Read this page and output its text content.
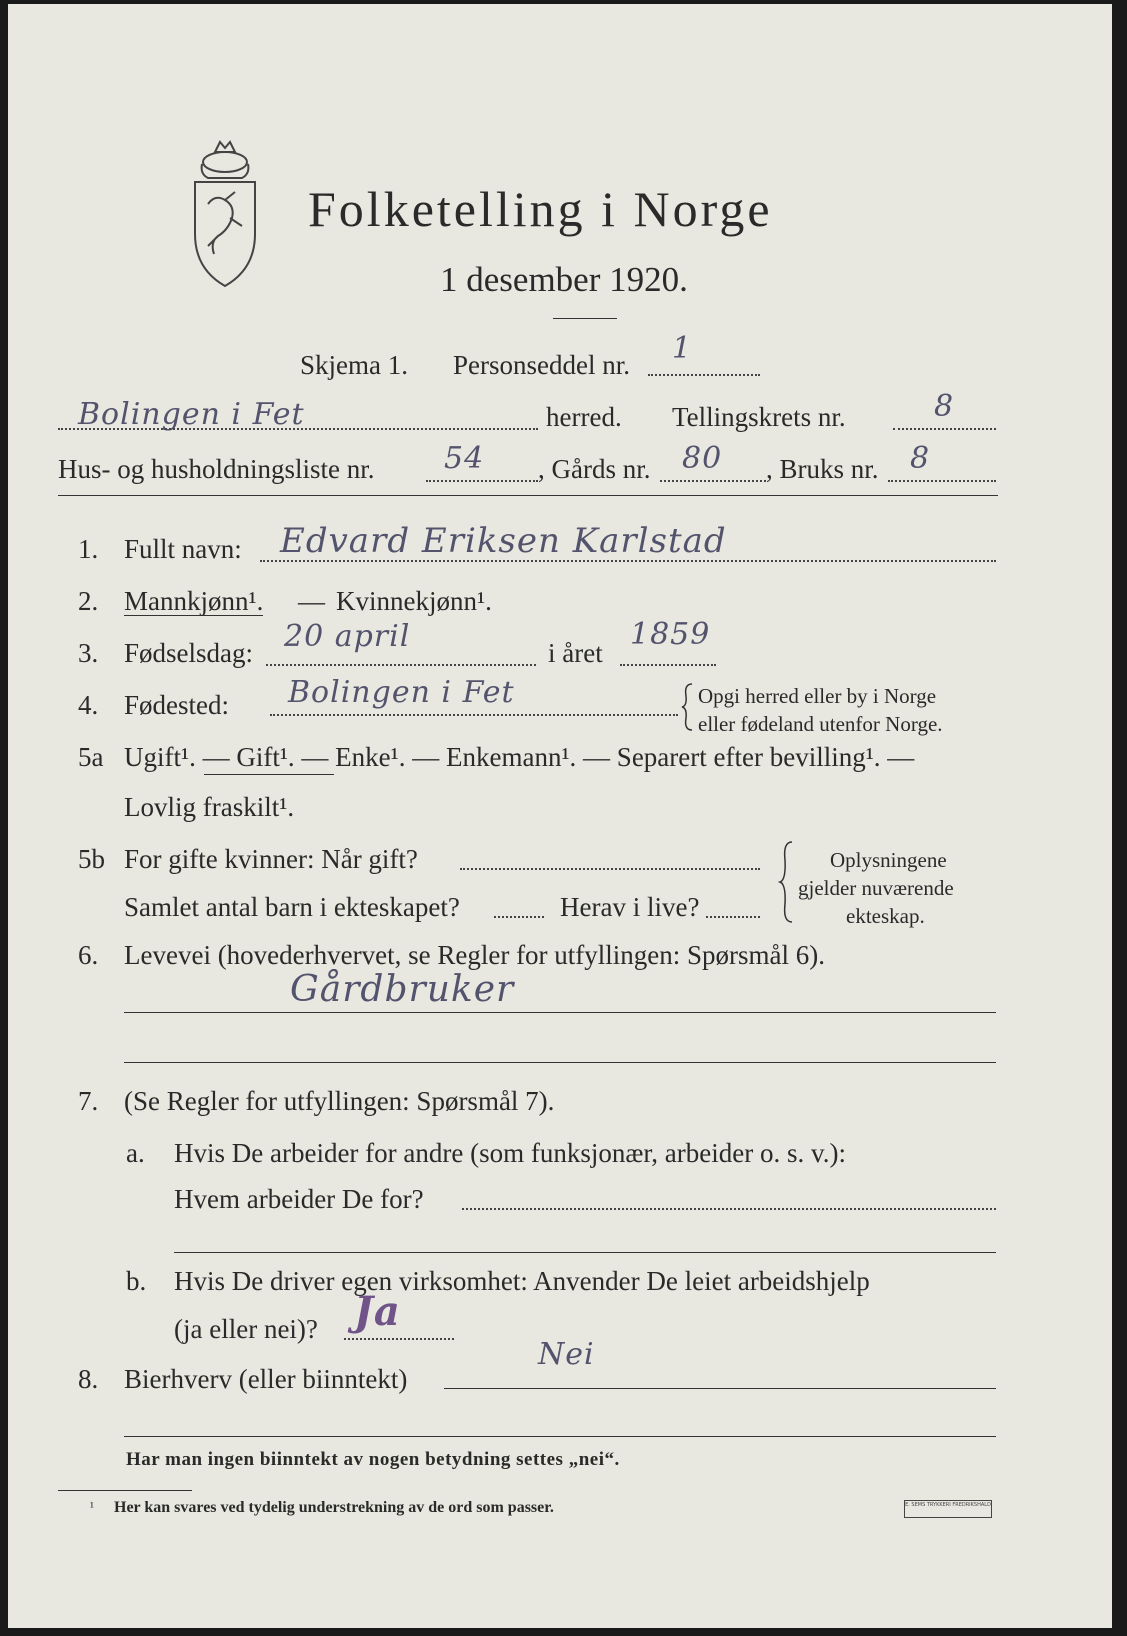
Folketelling i Norge
1 desember 1920.
Skjema 1. Personseddel nr. 1
Bolingen i Fet	herred. Tellingskrets nr.	8
Hus- og husholdningsliste nr. 54 , Gårds nr. 80 , Bruks nr. 8
1. Fullt navn: Edvard Eriksen Karlstad
2. Mannkjønn¹. — Kvinnekjønn¹.
3. Fødselsdag: 20 april	i året
1859
4. Fødested: Bolingen i Fet	Opgi herred eller by i Norge
eller fødeland utenfor Norge.
5a Ugift¹. — Gift¹. — Enke¹. — Enkemann¹. — Separert efter bevilling¹. —
Lovlig fraskilt¹.
5b For gifte kvinner: Når gift?
Samlet antal barn i ekteskapet?	Herav i live?
Oplysningene
gjelder nuværende
ekteskap.
6. Levevei (hovederhvervet, se Regler for utfyllingen: Spørsmål 6).
Gårdbruker
7. (Se Regler for utfyllingen: Spørsmål 7).
a. Hvis De arbeider for andre (som funksjonær, arbeider o. s. v.):
Hvem arbeider De for?
b. Hvis De driver egen virksomhet: Anvender De leiet arbeidshjelp
(ja eller nei)? Ja
8. Bierhverv (eller biinntekt)
Nei
Har man ingen biinntekt av nogen betydning settes „nei“.
¹ Her kan svares ved tydelig understrekning av de ord som passer.	E. SEMS TRYKKERI FREDRIKSHALD
